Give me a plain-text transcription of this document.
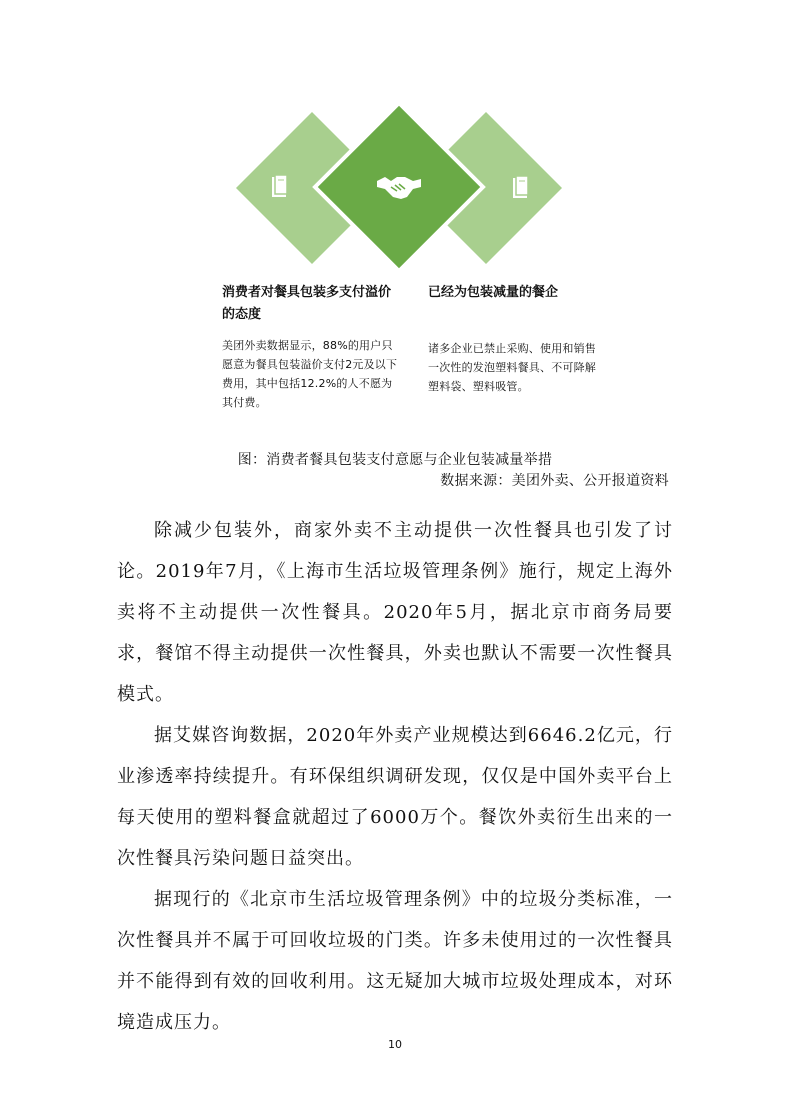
消费者对餐具包装多支付溢价的态度

美团外卖数据显示，88%的用户只愿意为餐具包装溢价支付2元及以下费用，其中包括12.2%的人不愿为其付费。

已经为包装减量的餐企

诸多企业已禁止采购、使用和销售一次性的发泡塑料餐具、不可降解塑料袋、塑料吸管。

图：消费者餐具包装支付意愿与企业包装减量举措
数据来源：美团外卖、公开报道资料

除减少包装外，商家外卖不主动提供一次性餐具也引发了讨论。2019年7月，《上海市生活垃圾管理条例》施行，规定上海外卖将不主动提供一次性餐具。2020年5月，据北京市商务局要求，餐馆不得主动提供一次性餐具，外卖也默认不需要一次性餐具模式。

据艾媒咨询数据，2020年外卖产业规模达到6646.2亿元，行业渗透率持续提升。有环保组织调研发现，仅仅是中国外卖平台上每天使用的塑料餐盒就超过了6000万个。餐饮外卖衍生出来的一次性餐具污染问题日益突出。

据现行的《北京市生活垃圾管理条例》中的垃圾分类标准，一次性餐具并不属于可回收垃圾的门类。许多未使用过的一次性餐具并不能得到有效的回收利用。这无疑加大城市垃圾处理成本，对环境造成压力。

10
